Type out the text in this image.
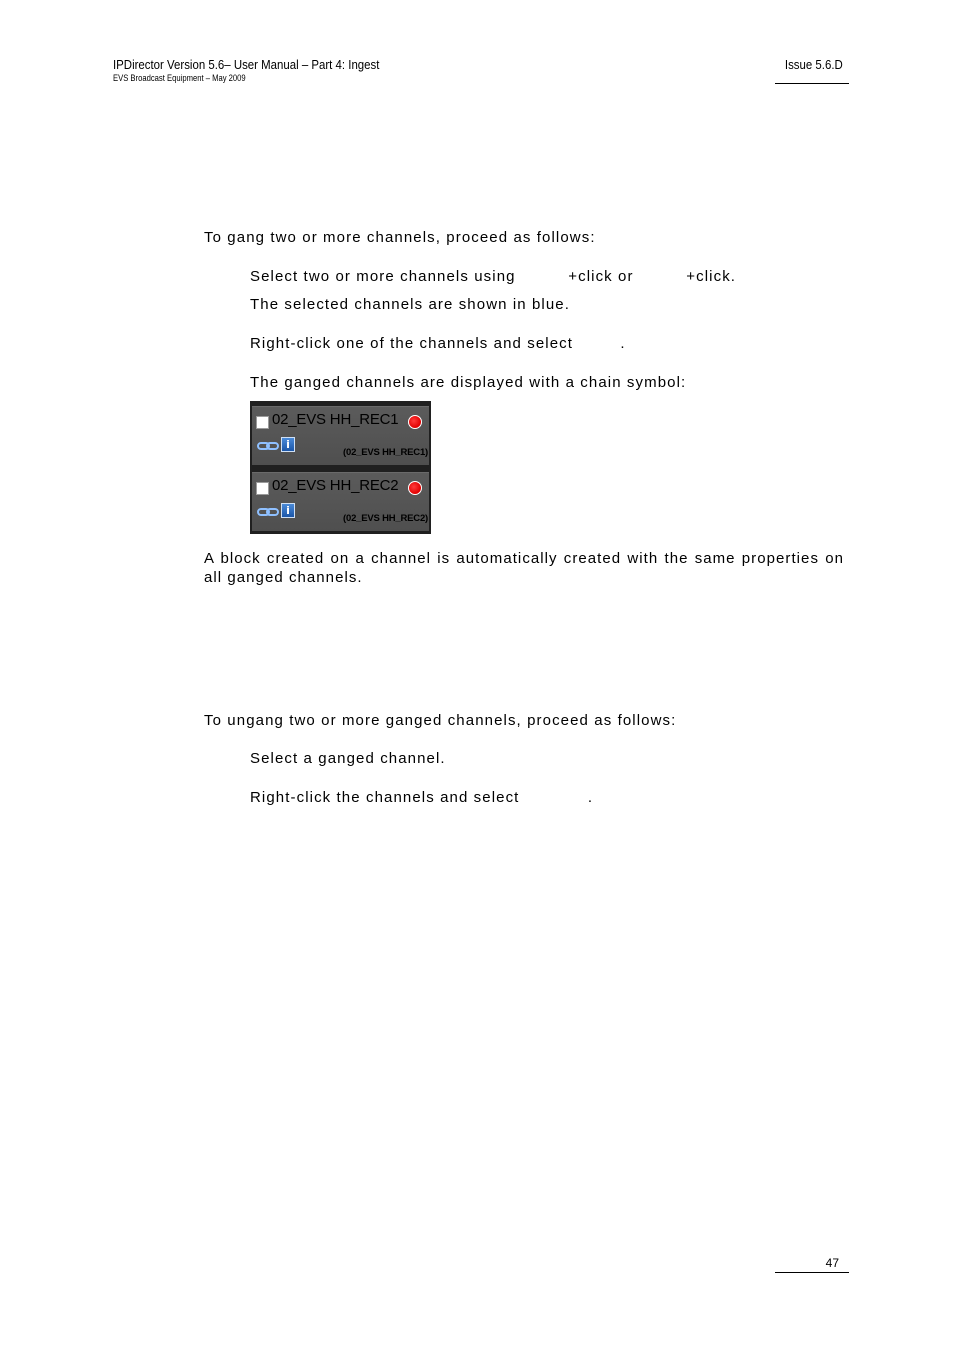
IPDirector Version 5.6– User Manual – Part 4: Ingest
EVS Broadcast Equipment – May 2009
Issue 5.6.D
To gang two or more channels, proceed as follows:
Select two or more channels using          +click or          +click.
The selected channels are shown in blue.
Right-click one of the channels and select         .
The ganged channels are displayed with a chain symbol:
02_EVS HH_REC1
i
(02_EVS HH_REC1)
02_EVS HH_REC2
i
(02_EVS HH_REC2)
A block created on a channel is automatically created with the same properties on all ganged channels.
To ungang two or more ganged channels, proceed as follows:
Select a ganged channel.
Right-click the channels and select             .
47
